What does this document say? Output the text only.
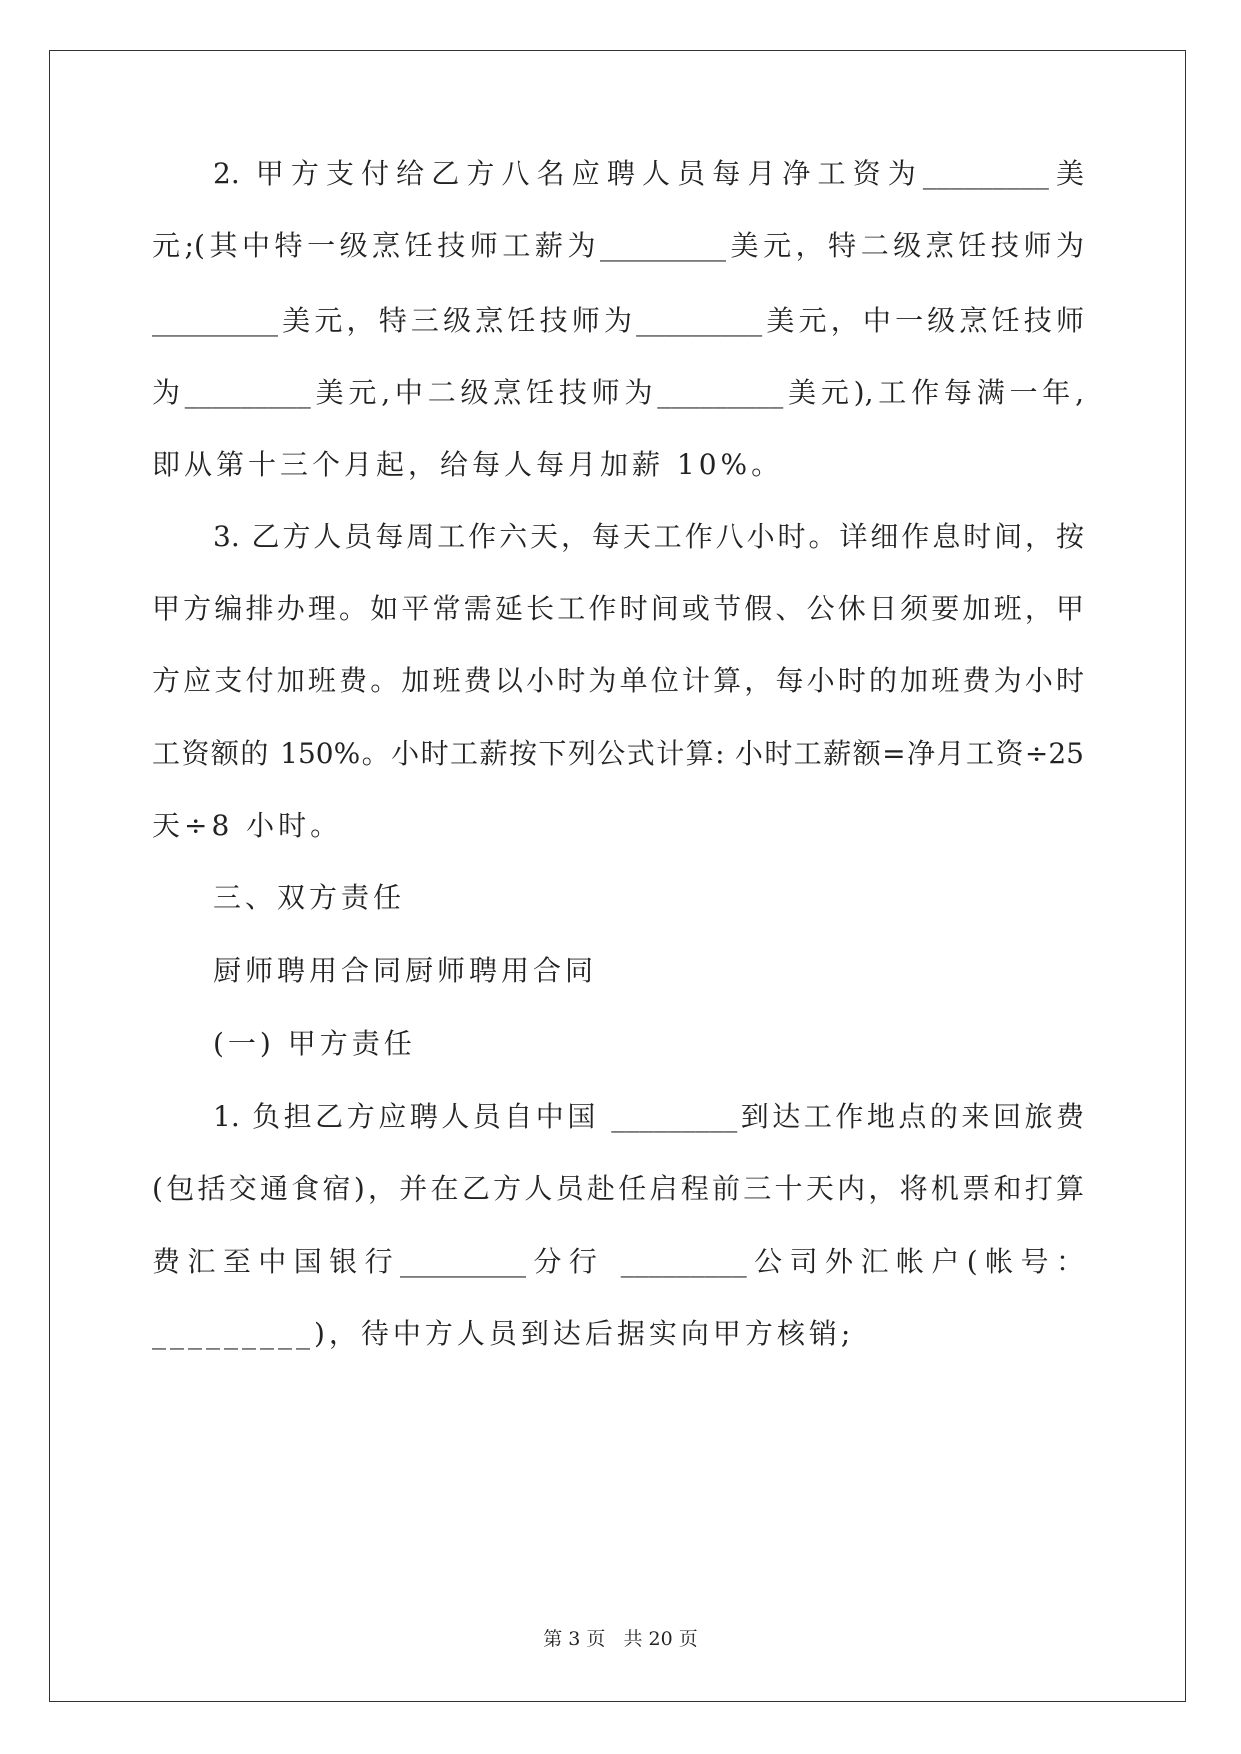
2. 甲方支付给乙方八名应聘人员每月净工资为_________美
元;(其中特一级烹饪技师工薪为_________美元，特二级烹饪技师为
_________美元，特三级烹饪技师为_________美元，中一级烹饪技师
为_________美元,中二级烹饪技师为_________美元),工作每满一年,
即从第十三个月起，给每人每月加薪 10%。
3. 乙方人员每周工作六天，每天工作八小时。详细作息时间，按
甲方编排办理。如平常需延长工作时间或节假、公休日须要加班，甲
方应支付加班费。加班费以小时为单位计算，每小时的加班费为小时
工资额的 150%。小时工薪按下列公式计算: 小时工薪额=净月工资÷25
天÷8 小时。
三、双方责任
厨师聘用合同厨师聘用合同
(一) 甲方责任
1. 负担乙方应聘人员自中国 _________到达工作地点的来回旅费
(包括交通食宿)，并在乙方人员赴任启程前三十天内，将机票和打算
费汇至中国银行_________分行 _________公司外汇帐户(帐号：
_________)，待中方人员到达后据实向甲方核销;
第 3 页 共 20 页
